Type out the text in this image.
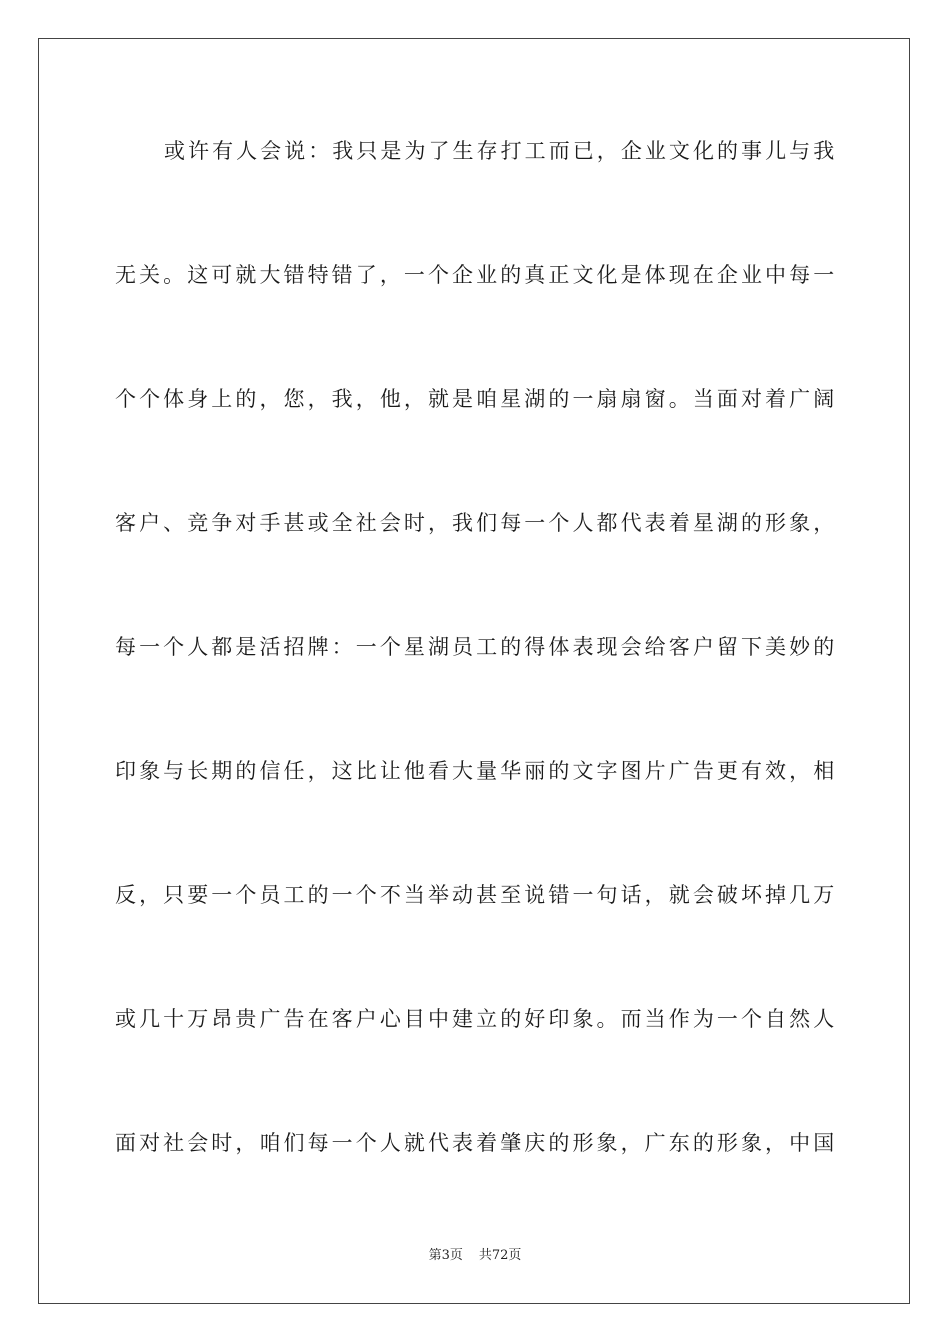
或许有人会说：我只是为了生存打工而已，企业文化的事儿与我
无关。这可就大错特错了，一个企业的真正文化是体现在企业中每一
个个体身上的，您，我，他，就是咱星湖的一扇扇窗。当面对着广阔
客户、竞争对手甚或全社会时，我们每一个人都代表着星湖的形象，
每一个人都是活招牌：一个星湖员工的得体表现会给客户留下美妙的
印象与长期的信任，这比让他看大量华丽的文字图片广告更有效，相
反，只要一个员工的一个不当举动甚至说错一句话，就会破坏掉几万
或几十万昂贵广告在客户心目中建立的好印象。而当作为一个自然人
面对社会时，咱们每一个人就代表着肇庆的形象，广东的形象，中国
第3页 共72页
